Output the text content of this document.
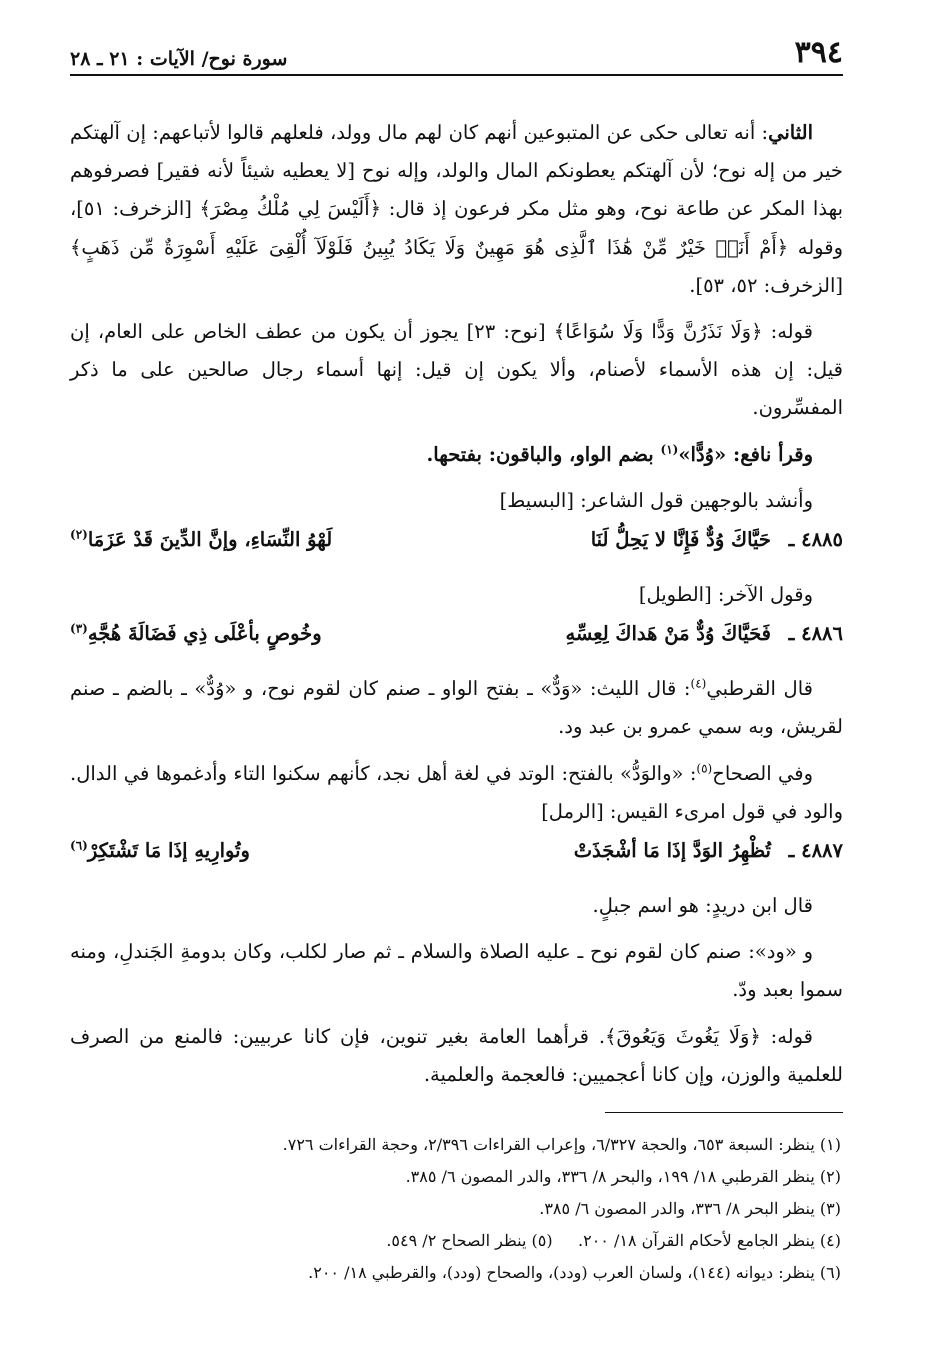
٣٩٤
سورة نوح/ الآيات : ٢١ ـ ٢٨

الثاني: أنه تعالى حكى عن المتبوعين أنهم كان لهم مال وولد، فلعلهم قالوا لأتباعهم: إن آلهتكم خير من إله نوح؛ لأن آلهتكم يعطونكم المال والولد، وإله نوح [لا يعطيه شيئاً لأنه فقير] فصرفوهم بهذا المكر عن طاعة نوح، وهو مثل مكر فرعون إذ قال: ﴿أَلَيْسَ لِي مُلْكُ مِصْرَ﴾ [الزخرف: ٥١]، وقوله ﴿أَمْ أَنَا۠ خَيْرٌ مِّنْ هَٰذَا ٱلَّذِى هُوَ مَهِينٌ وَلَا يَكَادُ يُبِينُ فَلَوْلَآ أُلْقِىَ عَلَيْهِ أَسْوِرَةٌ مِّن ذَهَبٍ﴾ [الزخرف: ٥٢، ٥٣].

قوله: ﴿وَلَا نَذَرُنَّ وَدًّا وَلَا سُوَاعًا﴾ [نوح: ٢٣] يجوز أن يكون من عطف الخاص على العام، إن قيل: إن هذه الأسماء لأصنام، وألا يكون إن قيل: إنها أسماء رجال صالحين على ما ذكر المفسِّرون.

وقرأ نافع: «وُدًّا»$^{(١)}$ بضم الواو، والباقون: بفتحها.

وأنشد بالوجهين قول الشاعر: [البسيط]

٤٨٨٥ ـ
حَيَّاكَ وُدٌّ فَإِنَّا لا يَحِلُّ لَنَا
لَهْوُ النِّسَاءِ، وإنَّ الدِّينَ قَدْ عَزَمَا$^{(٢)}$

وقول الآخر: [الطويل]

٤٨٨٦ ـ
فَحَيَّاكَ وُدٌّ مَنْ هَداكَ لِعِسِّهِ
وخُوصٍ بأعْلَى ذِي فَضَالَةَ هُجَّهِ$^{(٣)}$

قال القرطبي$^{(٤)}$: قال الليث: «وَدٌّ» ـ بفتح الواو ـ صنم كان لقوم نوح، و «وُدٌّ» ـ بالضم ـ صنم لقريش، وبه سمي عمرو بن عبد ود.

وفي الصحاح$^{(٥)}$: «والوَدُّ» بالفتح: الوتد في لغة أهل نجد، كأنهم سكنوا التاء وأدغموها في الدال. والود في قول امرىء القيس: [الرمل]

٤٨٨٧ ـ
تُظْهِرُ الوَدَّ إذَا مَا أشْجَذَتْ
وتُوارِيهِ إذَا مَا تَشْتَكِرْ$^{(٦)}$

قال ابن دريدٍ: هو اسم جبلٍ.

و «ود»: صنم كان لقوم نوح ـ عليه الصلاة والسلام ـ ثم صار لكلب، وكان بدومةِ الجَندلِ، ومنه سموا بعبد ودّ.

قوله: ﴿وَلَا يَغُوثَ وَيَعُوقَ﴾. قرأهما العامة بغير تنوين، فإن كانا عربيين: فالمنع من الصرف للعلمية والوزن، وإن كانا أعجميين: فالعجمة والعلمية.

(١) ينظر: السبعة ٦٥٣، والحجة ٦/٣٢٧، وإعراب القراءات ٢/٣٩٦، وحجة القراءات ٧٢٦.

(٢) ينظر القرطبي ١٨/ ١٩٩، والبحر ٨/ ٣٣٦، والدر المصون ٦/ ٣٨٥.

(٣) ينظر البحر ٨/ ٣٣٦، والدر المصون ٦/ ٣٨٥.

(٤) ينظر الجامع لأحكام القرآن ١٨/ ٢٠٠.     (٥) ينظر الصحاح ٢/ ٥٤٩.

(٦) ينظر: ديوانه (١٤٤)، ولسان العرب (ودد)، والصحاح (ودد)، والقرطبي ١٨/ ٢٠٠.
